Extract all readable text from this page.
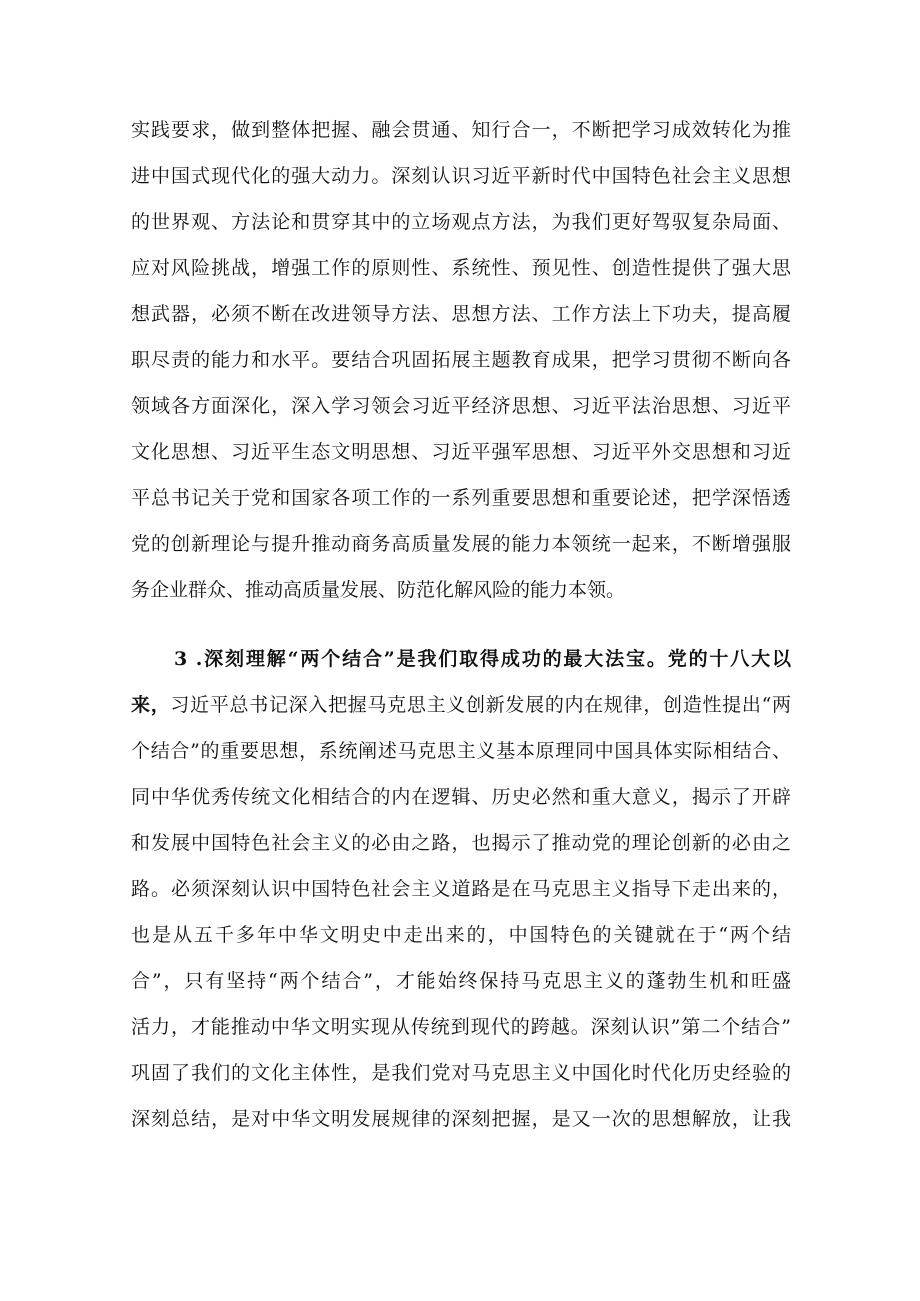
实践要求，做到整体把握、融会贯通、知行合一，不断把学习成效转化为推
进中国式现代化的强大动力。深刻认识习近平新时代中国特色社会主义思想
的世界观、方法论和贯穿其中的立场观点方法，为我们更好驾驭复杂局面、
应对风险挑战，增强工作的原则性、系统性、预见性、创造性提供了强大思
想武器，必须不断在改进领导方法、思想方法、工作方法上下功夫，提高履
职尽责的能力和水平。要结合巩固拓展主题教育成果，把学习贯彻不断向各
领域各方面深化，深入学习领会习近平经济思想、习近平法治思想、习近平
文化思想、习近平生态文明思想、习近平强军思想、习近平外交思想和习近
平总书记关于党和国家各项工作的一系列重要思想和重要论述，把学深悟透
党的创新理论与提升推动商务高质量发展的能力本领统一起来，不断增强服
务企业群众、推动高质量发展、防范化解风险的能力本领。
3 .深刻理解“两个结合”是我们取得成功的最大法宝。党的十八大以
来，习近平总书记深入把握马克思主义创新发展的内在规律，创造性提出“两
个结合”的重要思想，系统阐述马克思主义基本原理同中国具体实际相结合、
同中华优秀传统文化相结合的内在逻辑、历史必然和重大意义，揭示了开辟
和发展中国特色社会主义的必由之路，也揭示了推动党的理论创新的必由之
路。必须深刻认识中国特色社会主义道路是在马克思主义指导下走出来的，
也是从五千多年中华文明史中走出来的，中国特色的关键就在于“两个结
合”，只有坚持“两个结合”，才能始终保持马克思主义的蓬勃生机和旺盛
活力，才能推动中华文明实现从传统到现代的跨越。深刻认识”第二个结合”
巩固了我们的文化主体性，是我们党对马克思主义中国化时代化历史经验的
深刻总结，是对中华文明发展规律的深刻把握，是又一次的思想解放，让我
